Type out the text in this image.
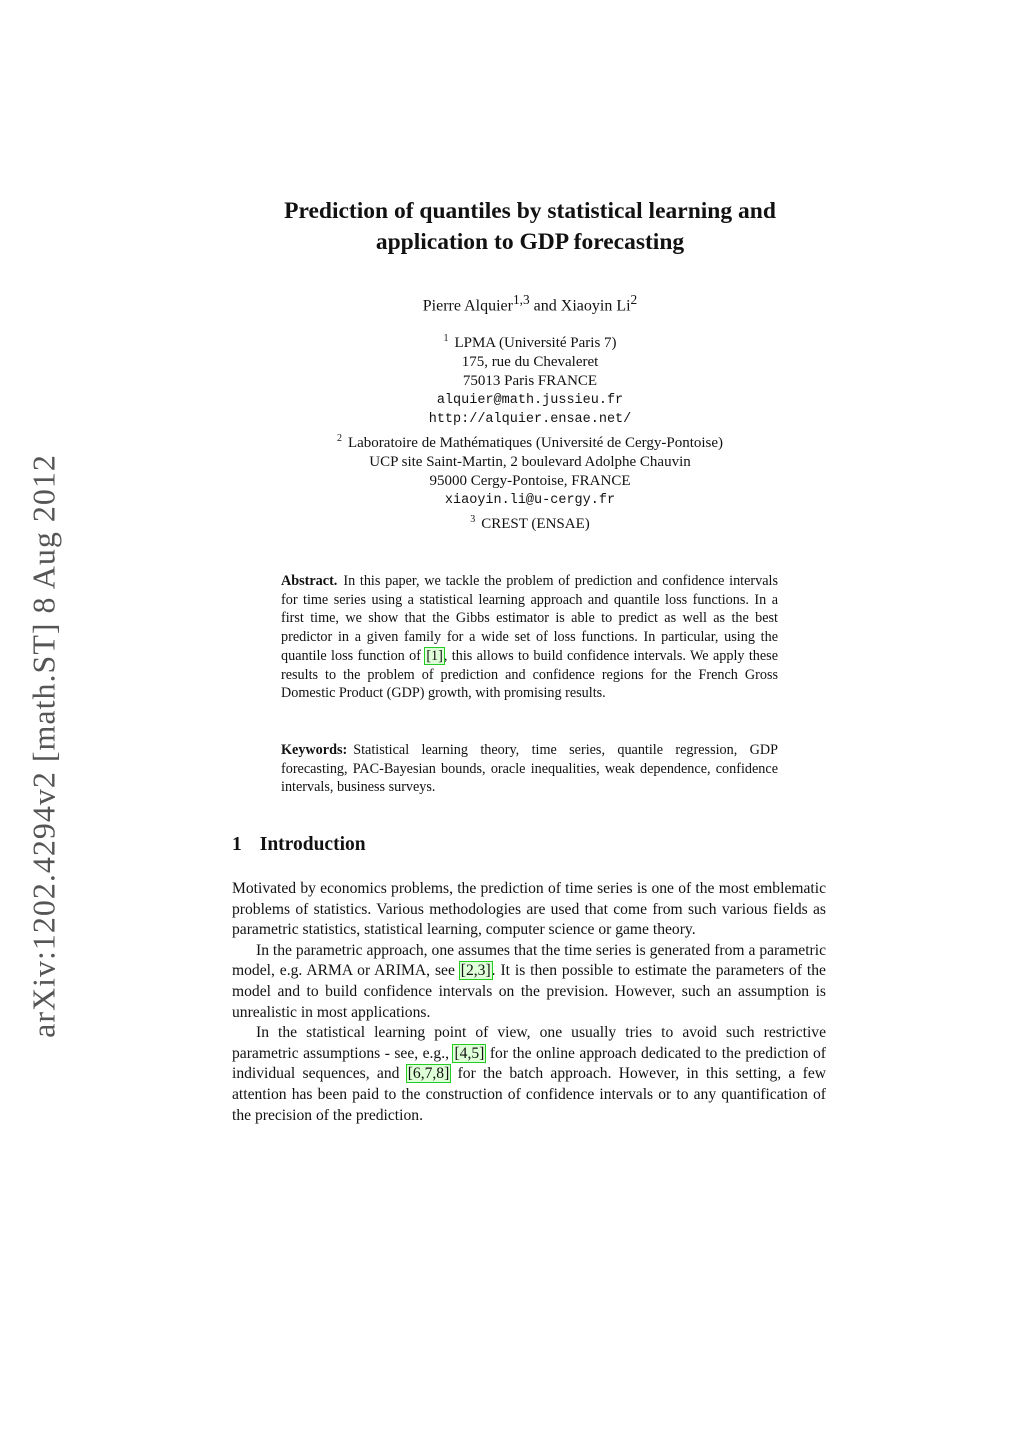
arXiv:1202.4294v2 [math.ST] 8 Aug 2012
Prediction of quantiles by statistical learning and
application to GDP forecasting
Pierre Alquier$^{1,3}$ and Xiaoyin Li$^2$
$^1$ LPMA (Université Paris 7)
175, rue du Chevaleret
75013 Paris FRANCE
alquier@math.jussieu.fr
http://alquier.ensae.net/
$^2$ Laboratoire de Mathématiques (Université de Cergy-Pontoise)
UCP site Saint-Martin, 2 boulevard Adolphe Chauvin
95000 Cergy-Pontoise, FRANCE
xiaoyin.li@u-cergy.fr
$^3$ CREST (ENSAE)
Abstract. In this paper, we tackle the problem of prediction and confidence intervals for time series using a statistical learning approach and quantile loss functions. In a first time, we show that the Gibbs estimator is able to predict as well as the best predictor in a given family for a wide set of loss functions. In particular, using the quantile loss function of [1], this allows to build confidence intervals. We apply these results to the problem of prediction and confidence regions for the French Gross Domestic Product (GDP) growth, with promising results.
Keywords: Statistical learning theory, time series, quantile regression, GDP forecasting, PAC-Bayesian bounds, oracle inequalities, weak dependence, confidence intervals, business surveys.
1 Introduction

Motivated by economics problems, the prediction of time series is one of the most emblematic problems of statistics. Various methodologies are used that come from such various fields as parametric statistics, statistical learning, computer science or game theory.

In the parametric approach, one assumes that the time series is generated from a parametric model, e.g. ARMA or ARIMA, see [2,3]. It is then possible to estimate the parameters of the model and to build confidence intervals on the prevision. However, such an assumption is unrealistic in most applications.

In the statistical learning point of view, one usually tries to avoid such restrictive parametric assumptions - see, e.g., [4,5] for the online approach dedicated to the prediction of individual sequences, and [6,7,8] for the batch approach. However, in this setting, a few attention has been paid to the construction of confidence intervals or to any quantification of the precision of the prediction.
